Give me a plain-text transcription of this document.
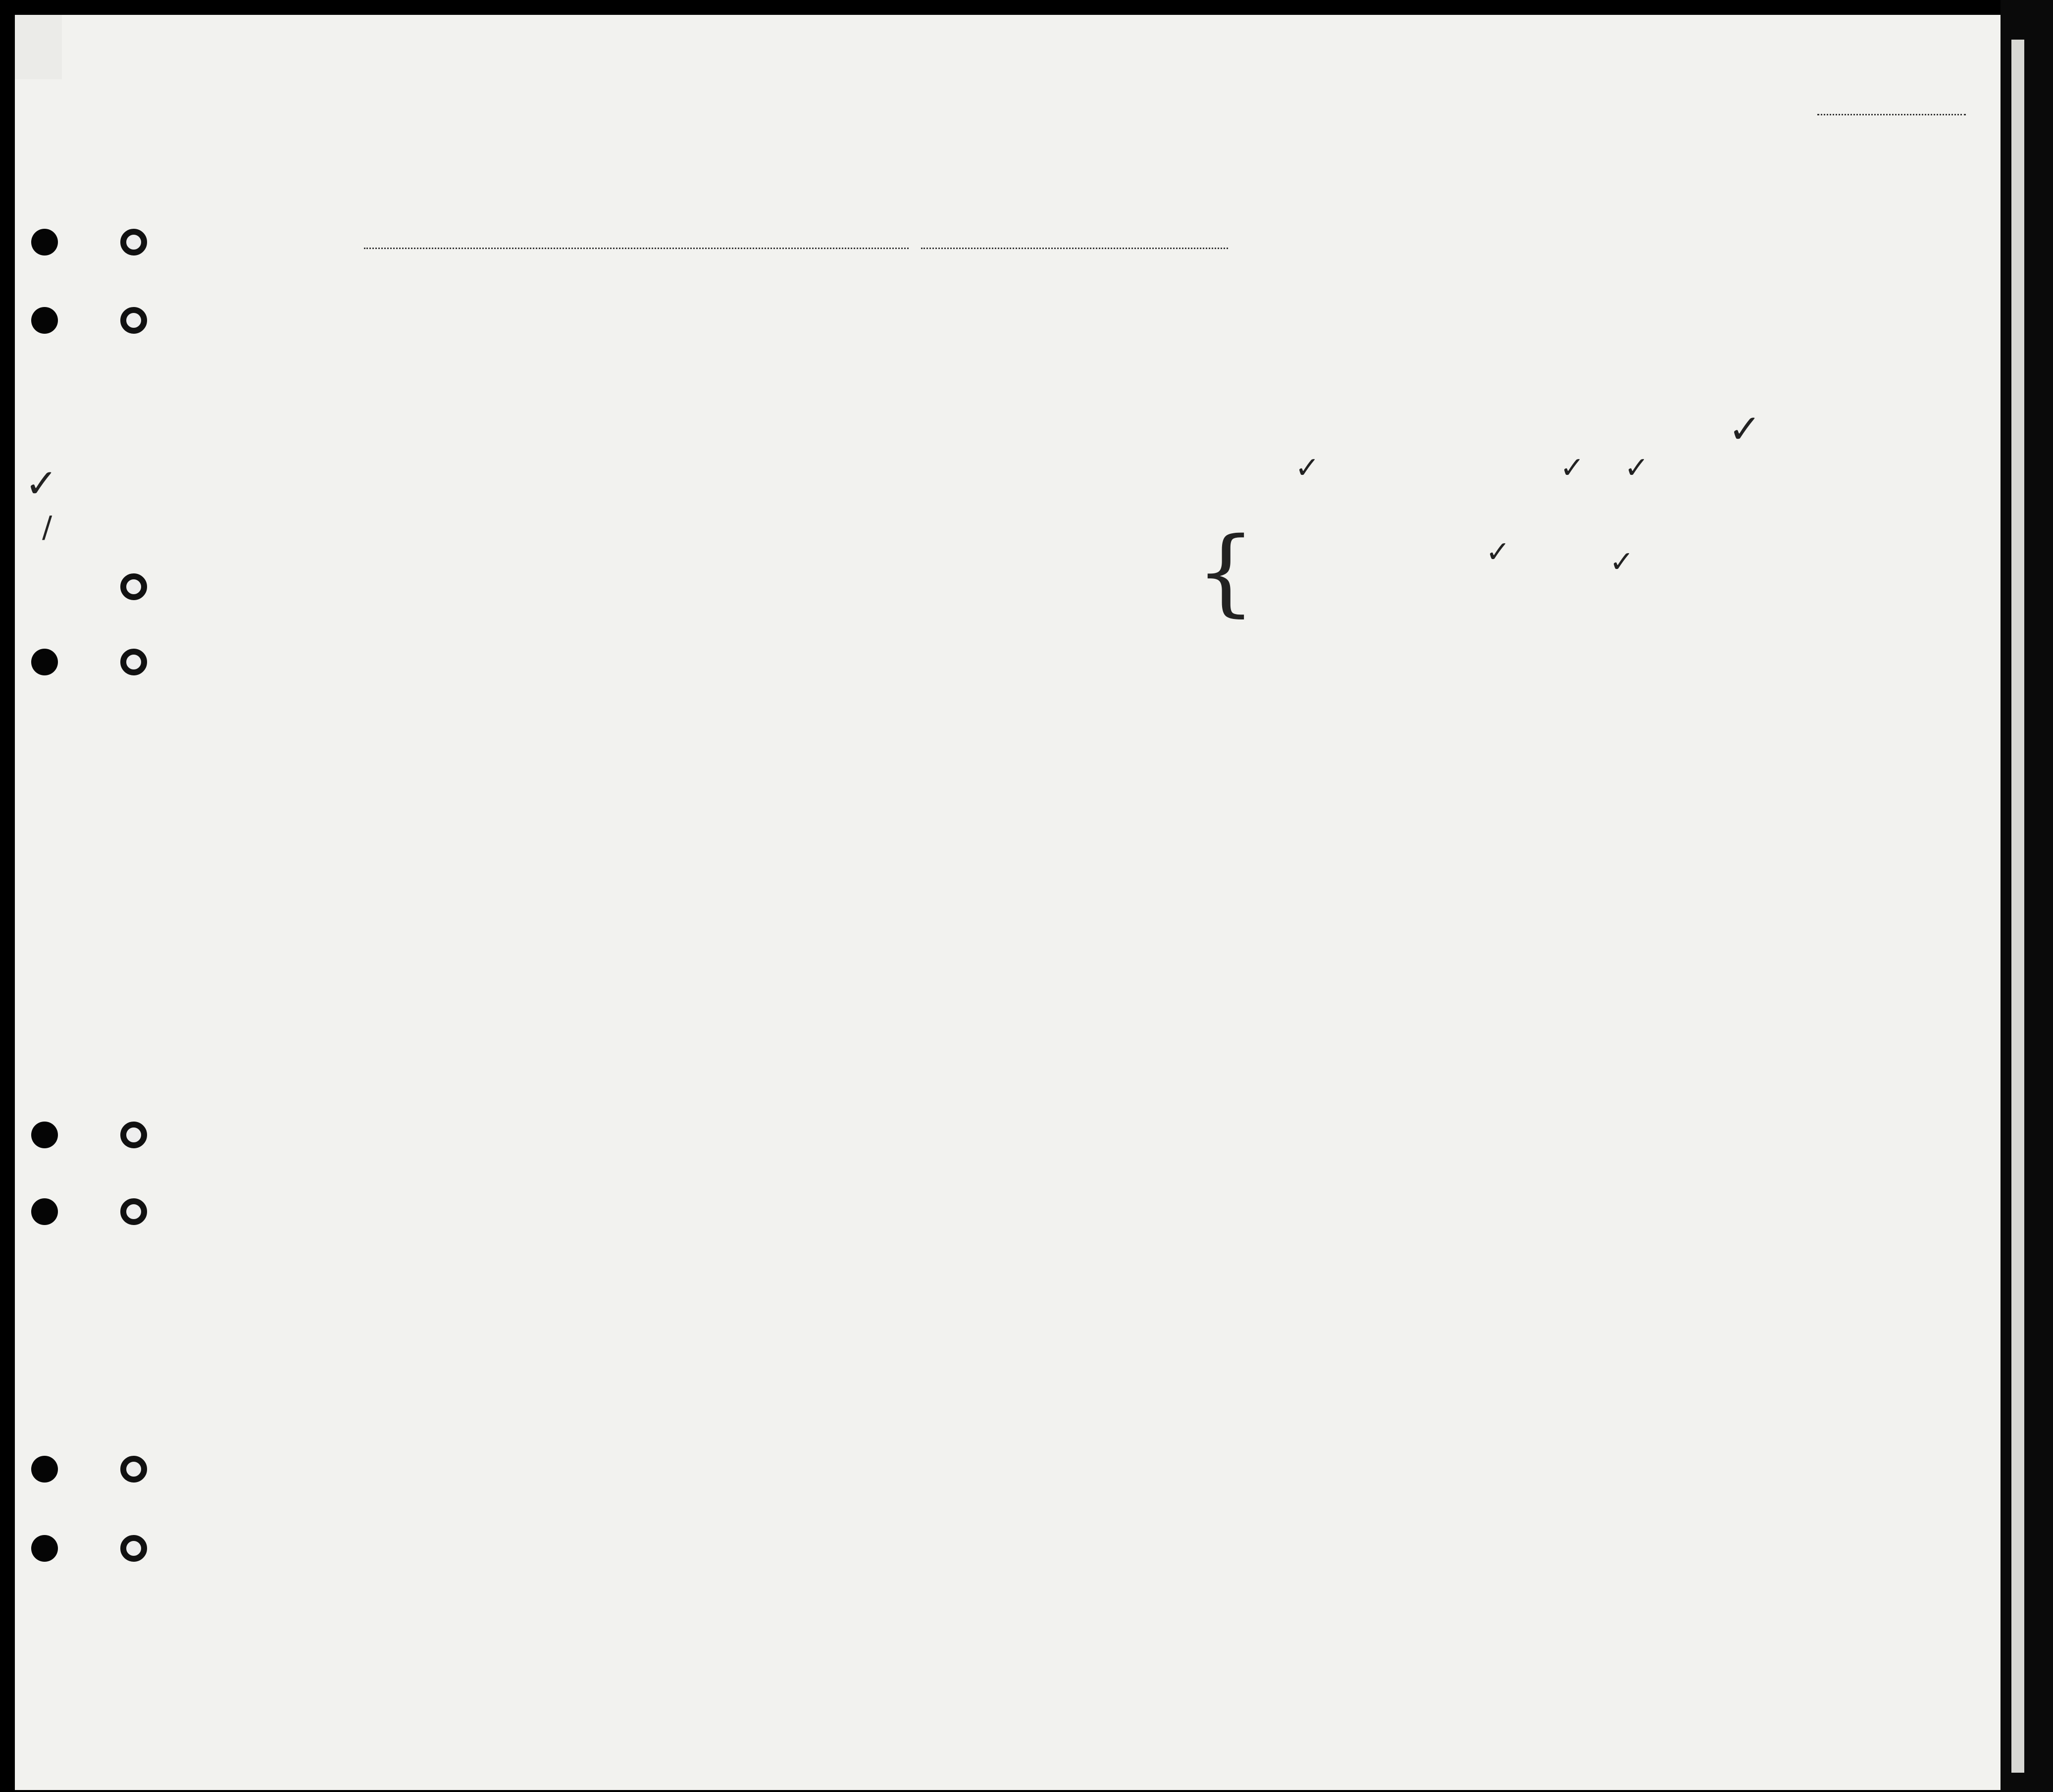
{
✓	✓ ✓
✓	✓
✓
✓
/
